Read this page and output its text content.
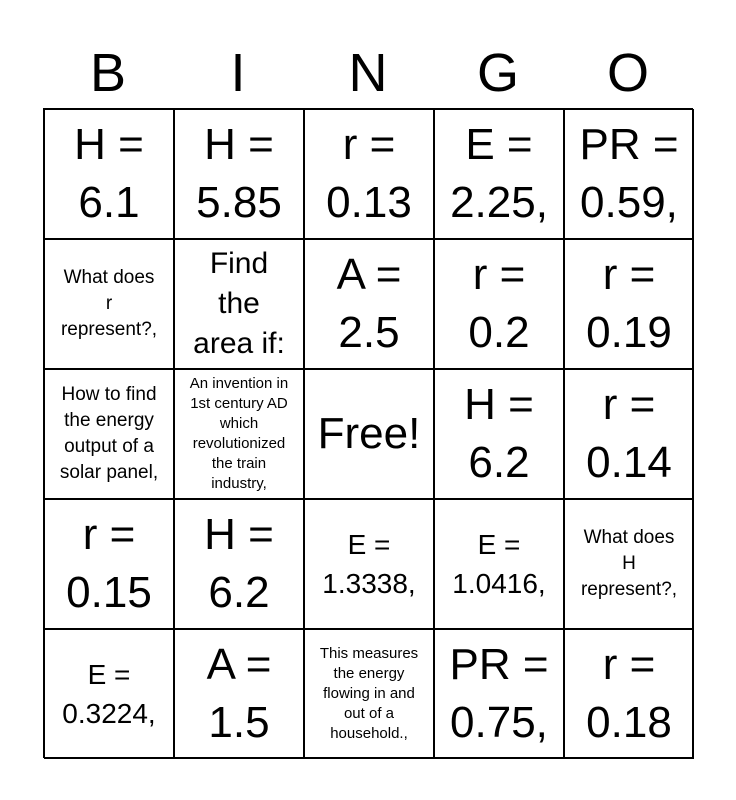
B	I	N	G	O
H =
6.1
H =
5.85
r =
0.13
E =
2.25,
PR =
0.59,
What does
r
represent?,
Find
the
area if:
A =
2.5
r =
0.2
r =
0.19
How to find
the energy
output of a
solar panel,
An invention in
1st century AD
which
revolutionized
the train
industry,
Free!
H =
6.2
r =
0.14
r =
0.15
H =
6.2
E =
1.3338,
E =
1.0416,
What does
H
represent?,
E =
0.3224,
A =
1.5
This measures
the energy
flowing in and
out of a
household.,
PR =
0.75,
r =
0.18
